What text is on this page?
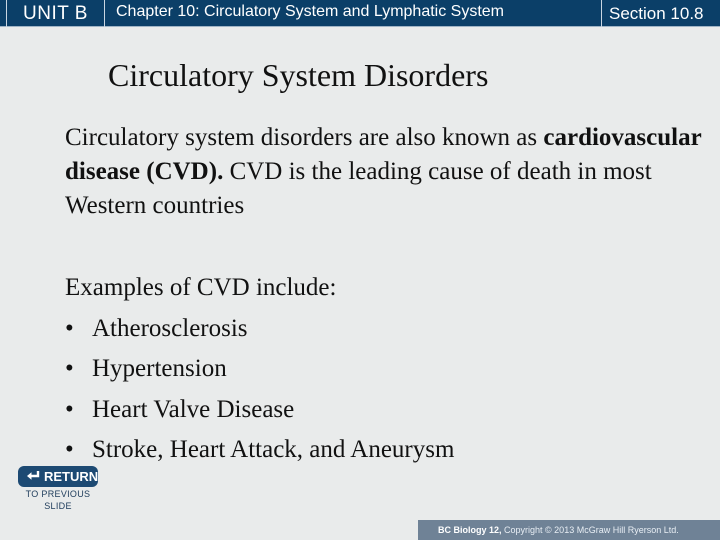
UNIT B	Chapter 10: Circulatory System and Lymphatic System	Section 10.8
Circulatory System Disorders
Circulatory system disorders are also known as cardiovascular disease (CVD). CVD is the leading cause of death in most Western countries
Examples of CVD include:
• Atherosclerosis
• Hypertension
• Heart Valve Disease
• Stroke, Heart Attack, and Aneurysm
RETURN
TO PREVIOUS
SLIDE
BC Biology 12, Copyright © 2013 McGraw Hill Ryerson Ltd.
